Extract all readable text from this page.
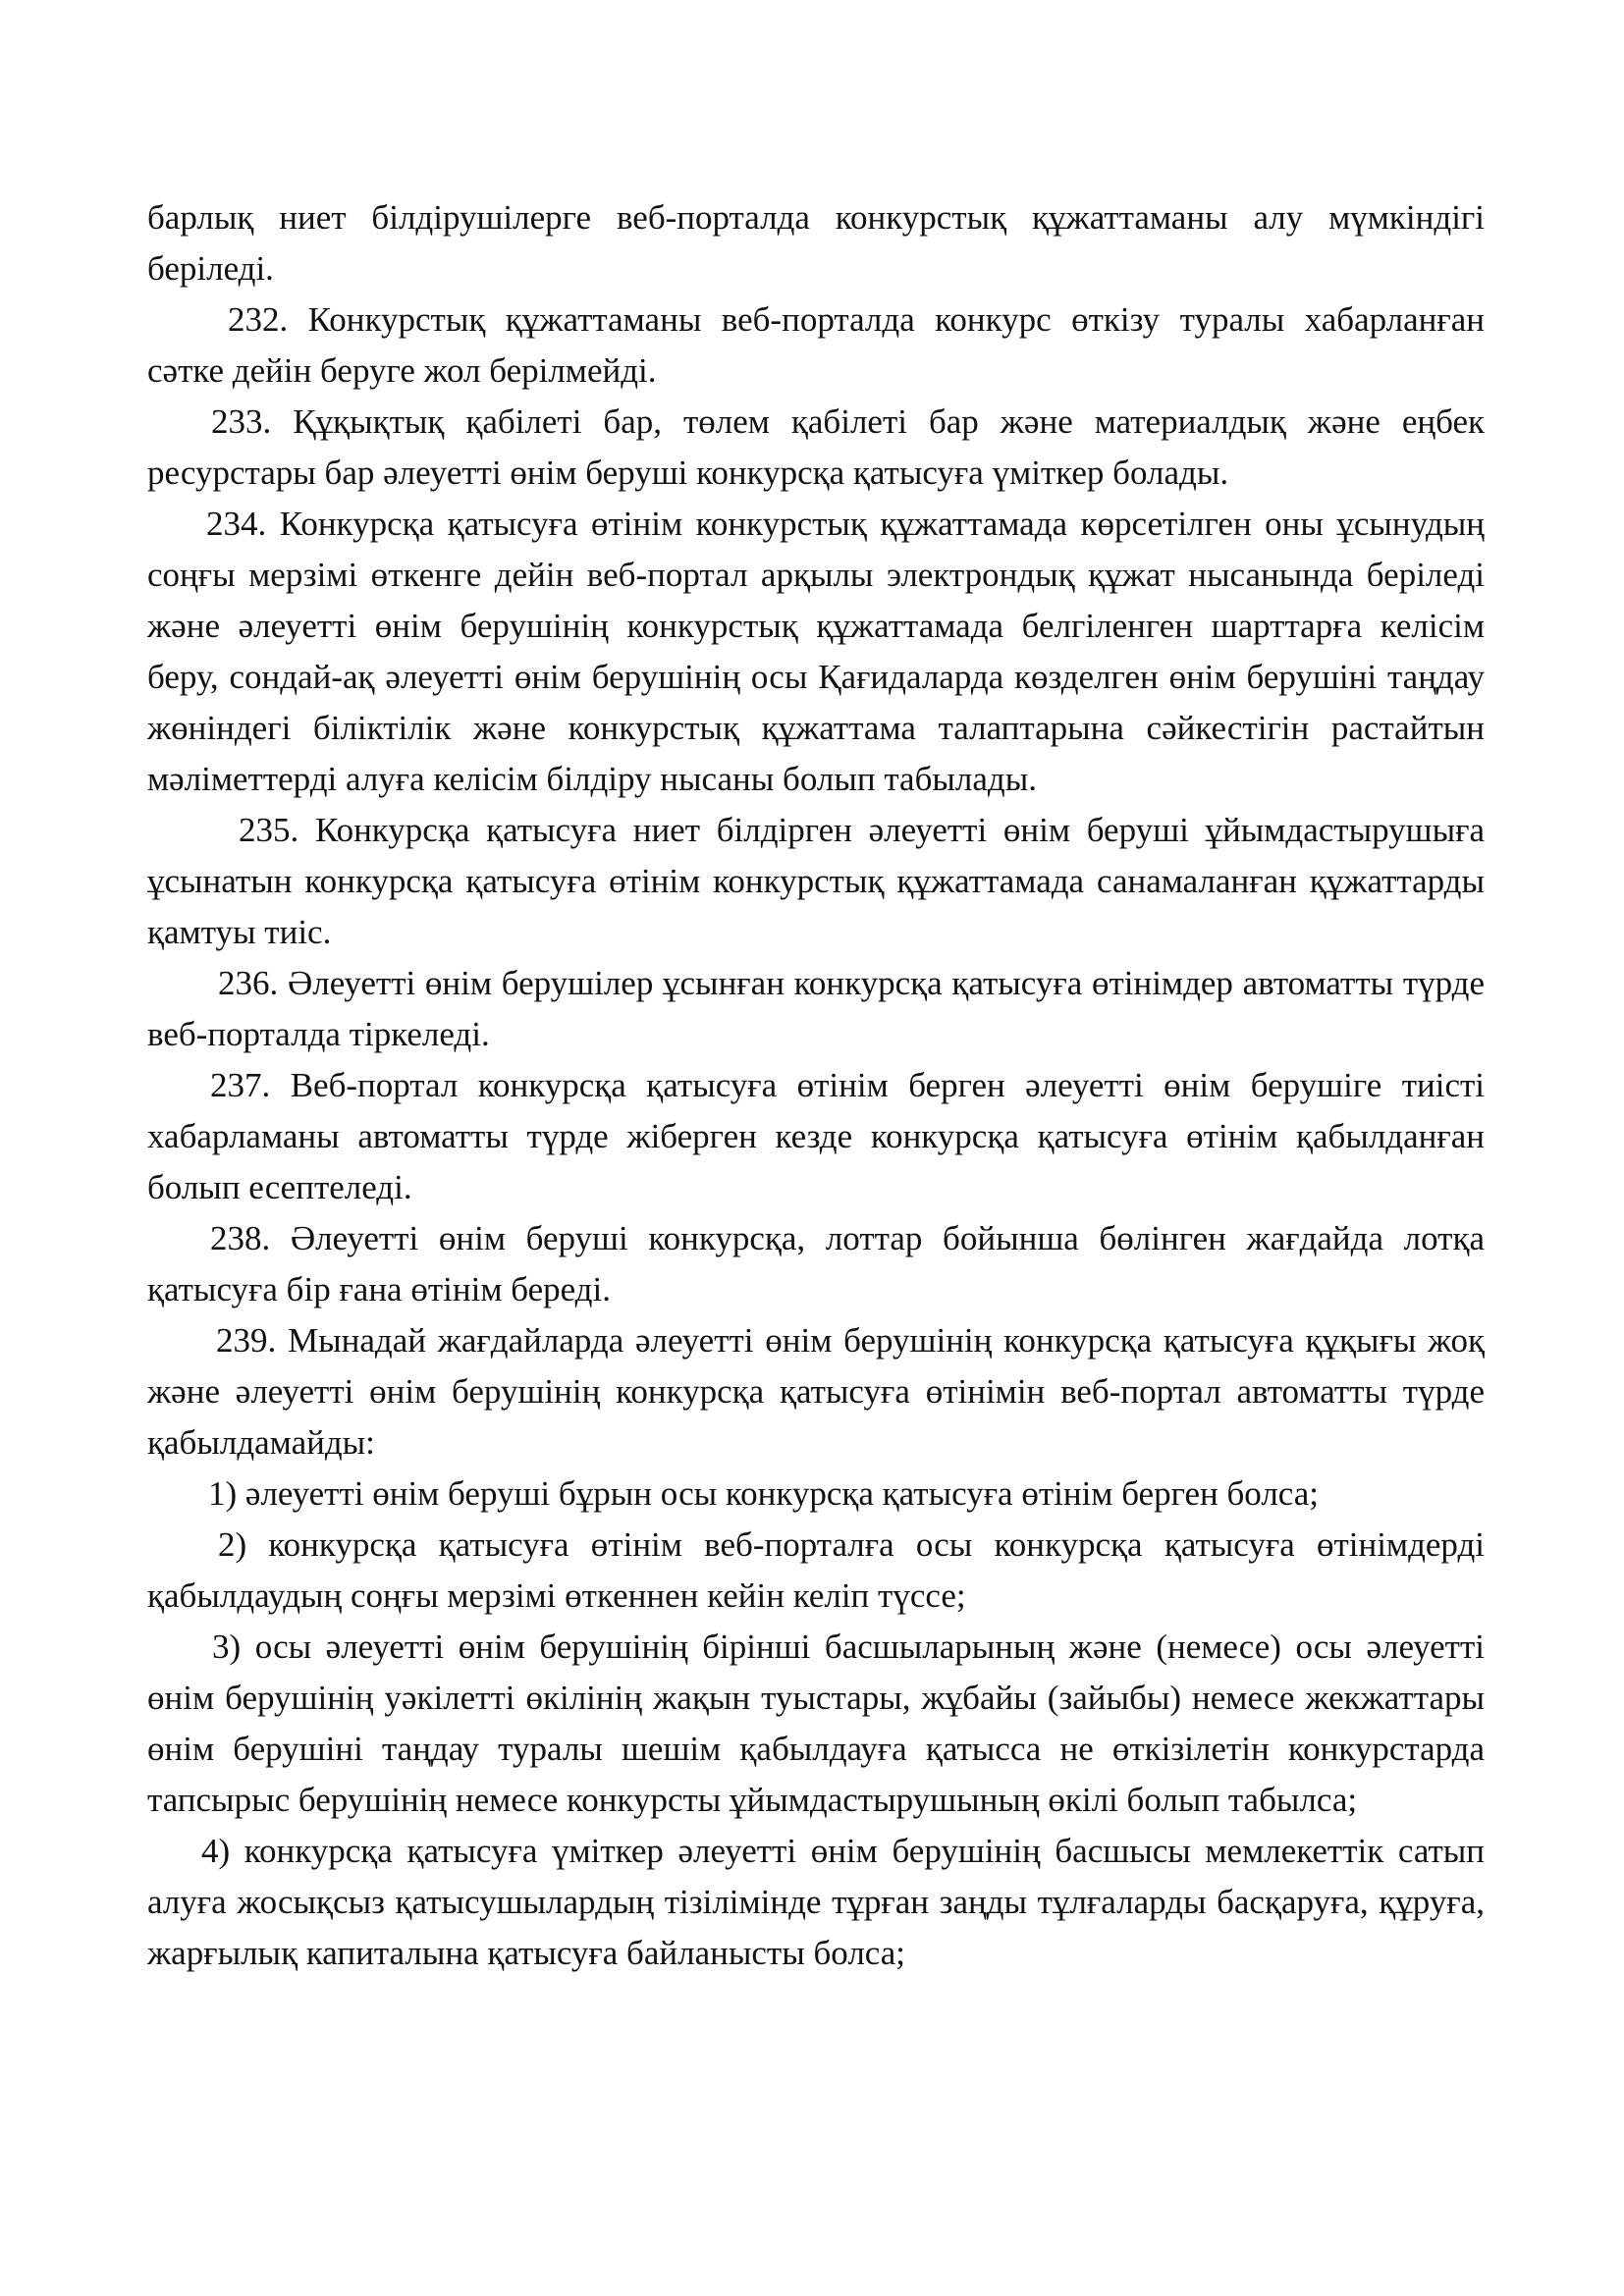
барлық ниет білдірушілерге веб-порталда конкурстық құжаттаманы алу мүмкіндігі беріледі.

232. Конкурстық құжаттаманы веб-порталда конкурс өткізу туралы хабарланған сәтке дейін беруге жол берілмейді.

233. Құқықтық қабілеті бар, төлем қабілеті бар және материалдық және еңбек ресурстары бар әлеуетті өнім беруші конкурсқа қатысуға үміткер болады.

234. Конкурсқа қатысуға өтінім конкурстық құжаттамада көрсетілген оны ұсынудың соңғы мерзімі өткенге дейін веб-портал арқылы электрондық құжат нысанында беріледі және әлеуетті өнім берушінің конкурстық құжаттамада белгіленген шарттарға келісім беру, сондай-ақ әлеуетті өнім берушінің осы Қағидаларда көзделген өнім берушіні таңдау жөніндегі біліктілік және конкурстық құжаттама талаптарына сәйкестігін растайтын мәліметтерді алуға келісім білдіру нысаны болып табылады.

235. Конкурсқа қатысуға ниет білдірген әлеуетті өнім беруші ұйымдастырушыға ұсынатын конкурсқа қатысуға өтінім конкурстық құжаттамада санамаланған құжаттарды қамтуы тиіс.

236. Әлеуетті өнім берушілер ұсынған конкурсқа қатысуға өтінімдер автоматты түрде веб-порталда тіркеледі.

237. Веб-портал конкурсқа қатысуға өтінім берген әлеуетті өнім берушіге тиісті хабарламаны автоматты түрде жіберген кезде конкурсқа қатысуға өтінім қабылданған болып есептеледі.

238. Әлеуетті өнім беруші конкурсқа, лоттар бойынша бөлінген жағдайда лотқа қатысуға бір ғана өтінім береді.

239. Мынадай жағдайларда әлеуетті өнім берушінің конкурсқа қатысуға құқығы жоқ және әлеуетті өнім берушінің конкурсқа қатысуға өтінімін веб-портал автоматты түрде қабылдамайды:

1) әлеуетті өнім беруші бұрын осы конкурсқа қатысуға өтінім берген болса;

2) конкурсқа қатысуға өтінім веб-порталға осы конкурсқа қатысуға өтінімдерді қабылдаудың соңғы мерзімі өткеннен кейін келіп түссе;

3) осы әлеуетті өнім берушінің бірінші басшыларының және (немесе) осы әлеуетті өнім берушінің уәкілетті өкілінің жақын туыстары, жұбайы (зайыбы) немесе жекжаттары өнім берушіні таңдау туралы шешім қабылдауға қатысса не өткізілетін конкурстарда тапсырыс берушінің немесе конкурсты ұйымдастырушының өкілі болып табылса;

4) конкурсқа қатысуға үміткер әлеуетті өнім берушінің басшысы мемлекеттік сатып алуға жосықсыз қатысушылардың тізілімінде тұрған заңды тұлғаларды басқаруға, құруға, жарғылық капиталына қатысуға байланысты болса;
